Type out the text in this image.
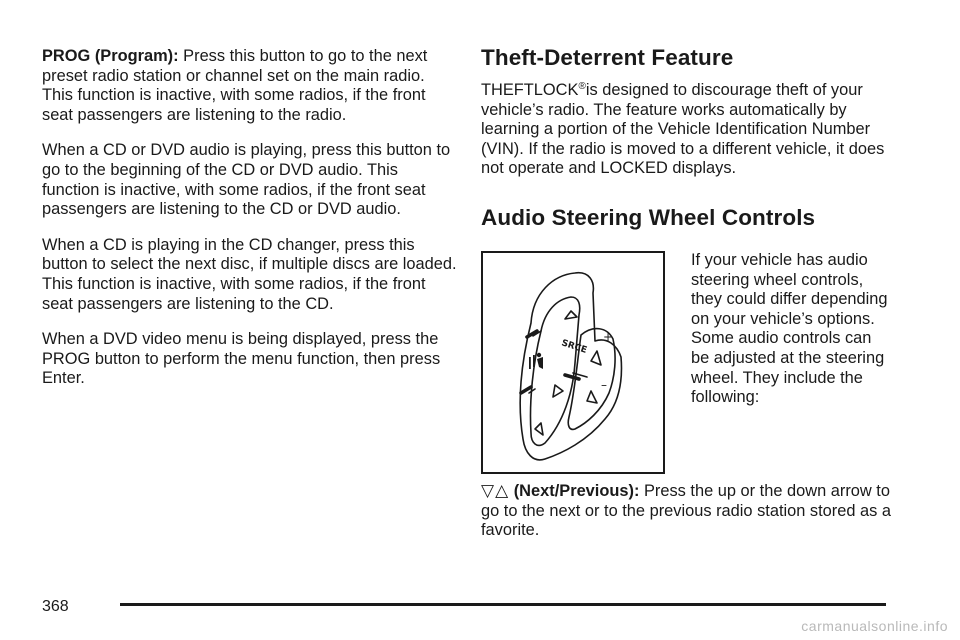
PROG (Program): Press this button to go to the next preset radio station or channel set on the main radio. This function is inactive, with some radios, if the front seat passengers are listening to the radio.

When a CD or DVD audio is playing, press this button to go to the beginning of the CD or DVD audio. This function is inactive, with some radios, if the front seat passengers are listening to the CD or DVD audio.

When a CD is playing in the CD changer, press this button to select the next disc, if multiple discs are loaded. This function is inactive, with some radios, if the front seat passengers are listening to the CD.

When a DVD video menu is being displayed, press the PROG button to perform the menu function, then press Enter.

Theft-Deterrent Feature

THEFTLOCK®is designed to discourage theft of your vehicle’s radio. The feature works automatically by learning a portion of the Vehicle Identification Number (VIN). If the radio is moved to a different vehicle, it does not operate and LOCKED displays.

Audio Steering Wheel Controls
SRCE
+
–

If your vehicle has audio steering wheel controls, they could differ depending on your vehicle’s options. Some audio controls can be adjusted at the steering wheel. They include the following:

▽△ (Next/Previous): Press the up or the down arrow to go to the next or to the previous radio station stored as a favorite.

368
carmanualsonline.info
